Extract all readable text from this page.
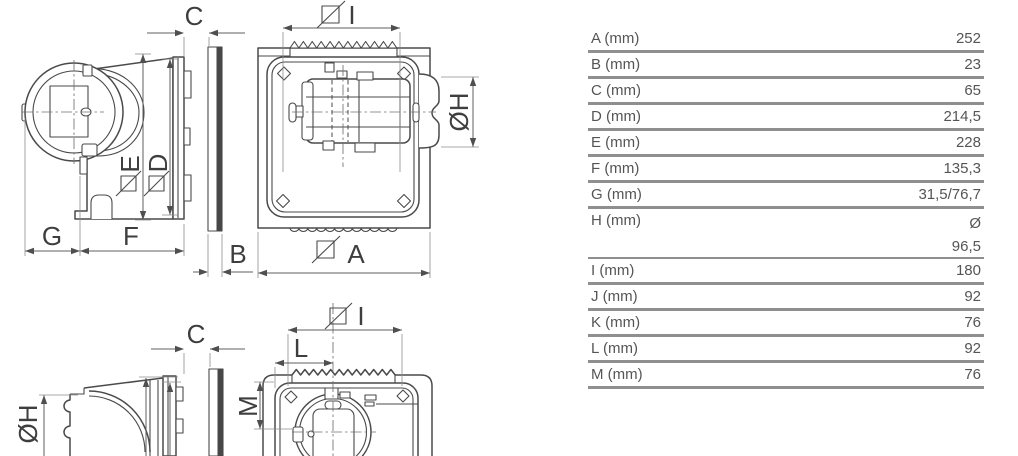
C
E
D
G F
B
I
ØH
A
ØH
C
I
L
M
A (mm)	252
B (mm)	23
C (mm)	65
D (mm)	214,5
E (mm)	228
F (mm)	135,3
G (mm)	31,5/76,7
H (mm)	Ø
96,5
I (mm)	180
J (mm)	92
K (mm)	76
L (mm)	92
M (mm)	76
